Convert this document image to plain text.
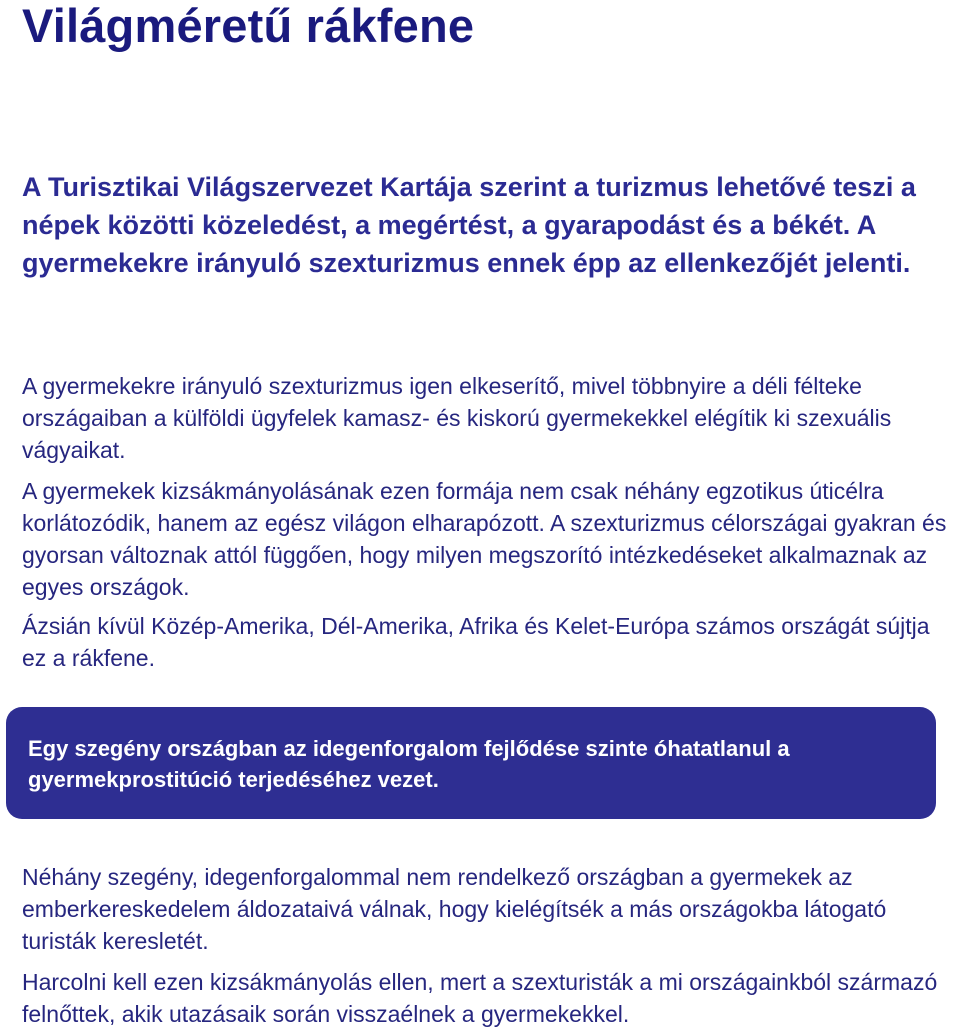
Világméretű rákfene

A Turisztikai Világszervezet Kartája szerint a turizmus lehetővé teszi a népek közötti közeledést, a megértést, a gyarapodást és a békét. A gyermekekre irányuló szexturizmus ennek épp az ellenkezőjét jelenti.

A gyermekekre irányuló szexturizmus igen elkeserítő, mivel többnyire a déli félteke országaiban a külföldi ügyfelek kamasz- és kiskorú gyermekekkel elégítik ki szexuális vágyaikat.

A gyermekek kizsákmányolásának ezen formája nem csak néhány egzotikus úticélra korlátozódik, hanem az egész világon elharapózott. A szexturizmus célországai gyakran és gyorsan változnak attól függően, hogy milyen megszorító intézkedéseket alkalmaznak az egyes országok.

Ázsián kívül Közép-Amerika, Dél-Amerika, Afrika és Kelet-Európa számos országát sújtja ez a rákfene.

Egy szegény országban az idegenforgalom fejlődése szinte óhatatlanul a gyermekprostitúció terjedéséhez vezet.

Néhány szegény, idegenforgalommal nem rendelkező országban a gyermekek az emberkereskedelem áldozataivá válnak, hogy kielégítsék a más országokba látogató turisták keresletét.

Harcolni kell ezen kizsákmányolás ellen, mert a szexturisták a mi országainkból származó felnőttek, akik utazásaik során visszaélnek a gyermekekkel.
